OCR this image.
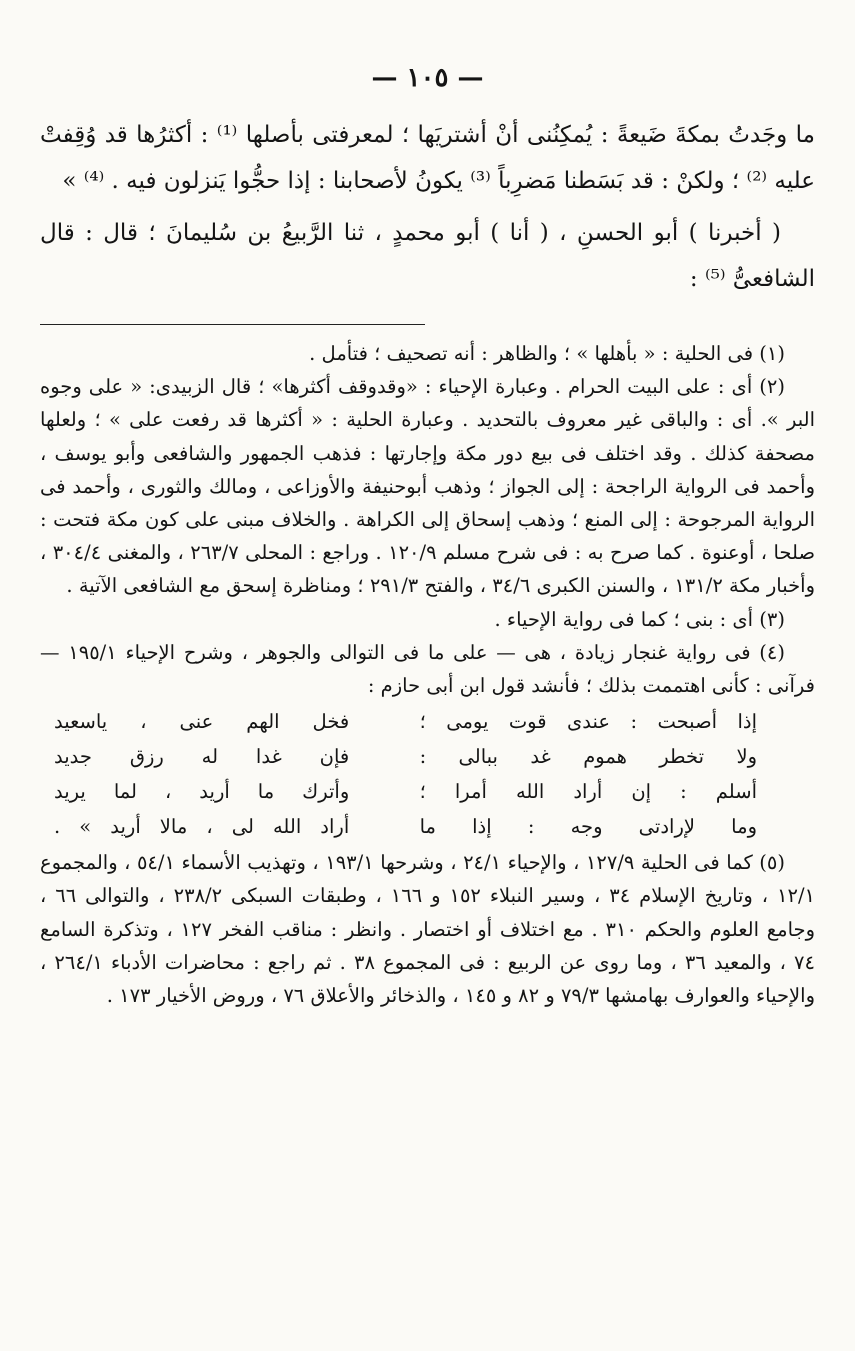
— ١٠٥ —

ما وجَدتُ بمكةَ ضَيعةً : يُمكِنُنى أنْ أشتريَها ؛ لمعرفتى بأصلها ⁽¹⁾ : أكثرُها قد وُقِفتْ عليه ⁽²⁾ ؛ ولكنْ : قد بَسَطنا مَضرِباً ⁽³⁾ يكونُ لأصحابنا : إذا حجُّوا يَنزلون فيه . ⁽⁴⁾ »

( أخبرنا ) أبو الحسنِ ، ( أنا ) أبو محمدٍ ، ثنا الرَّبيعُ بن سُليمانَ ؛ قال : قال الشافعىُّ ⁽⁵⁾ :

(١) فى الحلية : « بأهلها » ؛ والظاهر : أنه تصحيف ؛ فتأمل .

(٢) أى : على البيت الحرام . وعبارة الإحياء : «وقدوقف أكثرها» ؛ قال الزبيدى: « على وجوه البر ». أى : والباقى غير معروف بالتحديد . وعبارة الحلية : « أكثرها قد رفعت على » ؛ ولعلها مصحفة كذلك . وقد اختلف فى بيع دور مكة وإجارتها : فذهب الجمهور والشافعى وأبو يوسف ، وأحمد فى الرواية الراجحة : إلى الجواز ؛ وذهب أبوحنيفة والأوزاعى ، ومالك والثورى ، وأحمد فى الرواية المرجوحة : إلى المنع ؛ وذهب إسحاق إلى الكراهة . والخلاف مبنى على كون مكة فتحت : صلحا ، أوعنوة . كما صرح به : فى شرح مسلم ١٢٠/٩ . وراجع : المحلى ٢٦٣/٧ ، والمغنى ٣٠٤/٤ ، وأخبار مكة ١٣١/٢ ، والسنن الكبرى ٣٤/٦ ، والفتح ٢٩١/٣ ؛ ومناظرة إسحق مع الشافعى الآتية .

(٣) أى : بنى ؛ كما فى رواية الإحياء .

(٤) فى رواية غنجار زيادة ، هى — على ما فى التوالى والجوهر ، وشرح الإحياء ١٩٥/١ — فرآنى : كأنى اهتممت بذلك ؛ فأنشد قول ابن أبى حازم :

إذا أصبحت : عندى قوت يومى ؛
فخل الهم عنى ، ياسعيد
ولا تخطر هموم غد ببالى :
فإن غدا له رزق جديد
أسلم : إن أراد الله أمرا ؛
وأترك ما أريد ، لما يريد
وما لإرادتى وجه : إذا ما
أراد الله لى ، مالا أريد » .

(٥) كما فى الحلية ١٢٧/٩ ، والإحياء ٢٤/١ ، وشرحها ١٩٣/١ ، وتهذيب الأسماء ٥٤/١ ، والمجموع ١٢/١ ، وتاريخ الإسلام ٣٤ ، وسير النبلاء ١٥٢ و ١٦٦ ، وطبقات السبكى ٢٣٨/٢ ، والتوالى ٦٦ ، وجامع العلوم والحكم ٣١٠ . مع اختلاف أو اختصار . وانظر : مناقب الفخر ١٢٧ ، وتذكرة السامع ٧٤ ، والمعيد ٣٦ ، وما روى عن الربيع : فى المجموع ٣٨ . ثم راجع : محاضرات الأدباء ٢٦٤/١ ، والإحياء والعوارف بهامشها ٧٩/٣ و ٨٢ و ١٤٥ ، والذخائر والأعلاق ٧٦ ، وروض الأخيار ١٧٣ .
